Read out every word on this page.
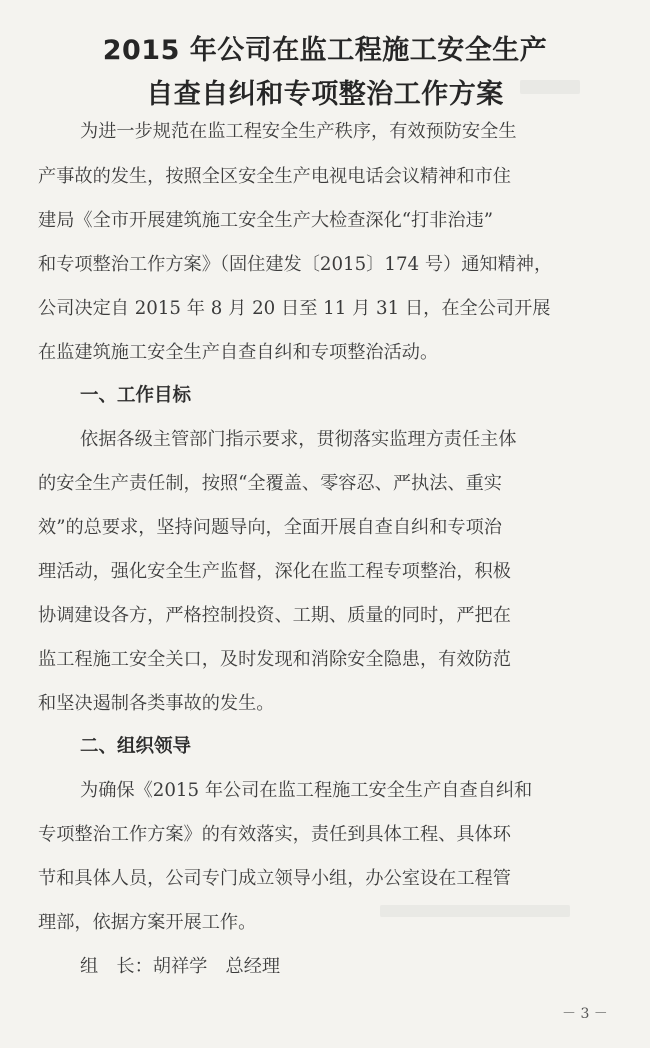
2015 年公司在监工程施工安全生产
自查自纠和专项整治工作方案
为进一步规范在监工程安全生产秩序，有效预防安全生
产事故的发生，按照全区安全生产电视电话会议精神和市住
建局《全市开展建筑施工安全生产大检查深化“打非治违”
和专项整治工作方案》（固住建发〔2015〕174 号）通知精神，
公司决定自 2015 年 8 月 20 日至 11 月 31 日，在全公司开展
在监建筑施工安全生产自查自纠和专项整治活动。
一、工作目标
依据各级主管部门指示要求，贯彻落实监理方责任主体
的安全生产责任制，按照“全覆盖、零容忍、严执法、重实
效”的总要求，坚持问题导向，全面开展自查自纠和专项治
理活动，强化安全生产监督，深化在监工程专项整治，积极
协调建设各方，严格控制投资、工期、质量的同时，严把在
监工程施工安全关口，及时发现和消除安全隐患，有效防范
和坚决遏制各类事故的发生。
二、组织领导
为确保《2015 年公司在监工程施工安全生产自查自纠和
专项整治工作方案》的有效落实，责任到具体工程、具体环
节和具体人员，公司专门成立领导小组，办公室设在工程管
理部，依据方案开展工作。
组　长：胡祥学　总经理
－ 3 －
